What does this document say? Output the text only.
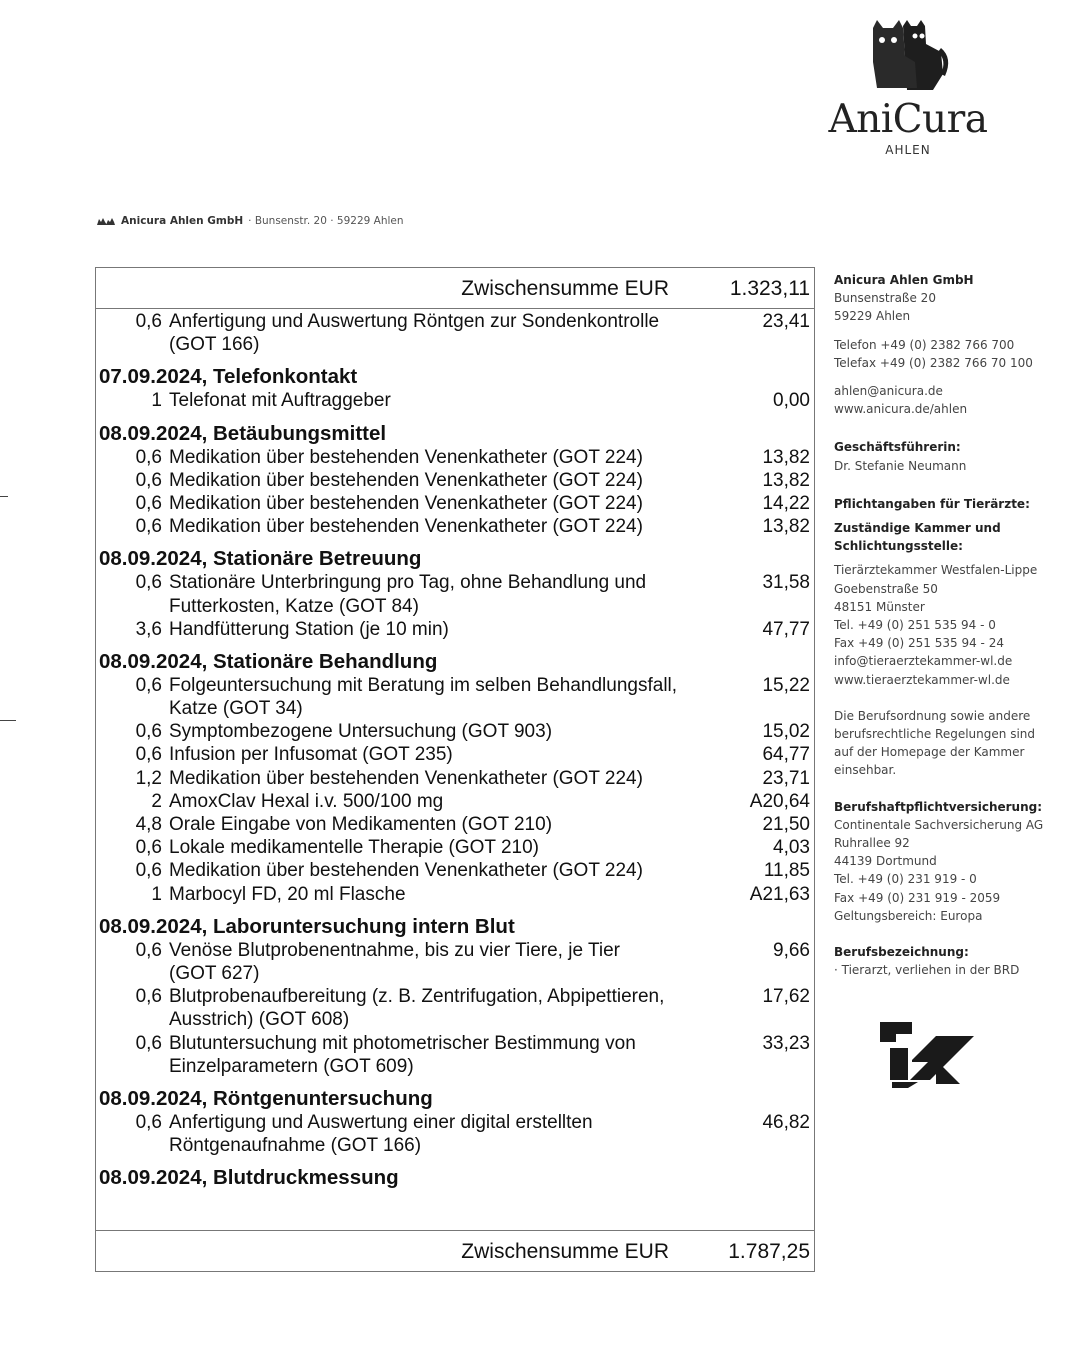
AniCura
AHLEN
Anicura Ahlen GmbH · Bunsenstr. 20 · 59229 Ahlen
Zwischensumme EUR	1.323,11
0,6 Anfertigung und Auswertung Röntgen zur Sondenkontrolle	23,41
(GOT 166)
07.09.2024, Telefonkontakt
1 Telefonat mit Auftraggeber	0,00
08.09.2024, Betäubungsmittel
0,6 Medikation über bestehenden Venenkatheter (GOT 224)	13,82
0,6 Medikation über bestehenden Venenkatheter (GOT 224)	13,82
0,6 Medikation über bestehenden Venenkatheter (GOT 224)	14,22
0,6 Medikation über bestehenden Venenkatheter (GOT 224)	13,82
08.09.2024, Stationäre Betreuung
0,6 Stationäre Unterbringung pro Tag, ohne Behandlung und	31,58
Futterkosten, Katze (GOT 84)
3,6 Handfütterung Station (je 10 min)	47,77
08.09.2024, Stationäre Behandlung
0,6 Folgeuntersuchung mit Beratung im selben Behandlungsfall,	15,22
Katze (GOT 34)
0,6 Symptombezogene Untersuchung (GOT 903)	15,02
0,6 Infusion per Infusomat (GOT 235)	64,77
1,2 Medikation über bestehenden Venenkatheter (GOT 224)	23,71
2 AmoxClav Hexal i.v. 500/100 mg	A20,64
4,8 Orale Eingabe von Medikamenten (GOT 210)	21,50
0,6 Lokale medikamentelle Therapie (GOT 210)	4,03
0,6 Medikation über bestehenden Venenkatheter (GOT 224)	11,85
1 Marbocyl FD, 20 ml Flasche	A21,63
08.09.2024, Laboruntersuchung intern Blut
0,6 Venöse Blutprobenentnahme, bis zu vier Tiere, je Tier	9,66
(GOT 627)
0,6 Blutprobenaufbereitung (z. B. Zentrifugation, Abpipettieren,	17,62
Ausstrich) (GOT 608)
0,6 Blutuntersuchung mit photometrischer Bestimmung von	33,23
Einzelparametern (GOT 609)
08.09.2024, Röntgenuntersuchung
0,6 Anfertigung und Auswertung einer digital erstellten	46,82
Röntgenaufnahme (GOT 166)
08.09.2024, Blutdruckmessung
Zwischensumme EUR	1.787,25
Anicura Ahlen GmbH
Bunsenstraße 20
59229 Ahlen
Telefon +49 (0) 2382 766 700
Telefax +49 (0) 2382 766 70 100
ahlen@anicura.de
www.anicura.de/ahlen
Geschäftsführerin:
Dr. Stefanie Neumann
Pflichtangaben für Tierärzte:
Zuständige Kammer und
Schlichtungsstelle:
Tierärztekammer Westfalen-Lippe
Goebenstraße 50
48151 Münster
Tel. +49 (0) 251 535 94 - 0
Fax +49 (0) 251 535 94 - 24
info@tieraerztekammer-wl.de
www.tieraerztekammer-wl.de
Die Berufsordnung sowie andere
berufsrechtliche Regelungen sind
auf der Homepage der Kammer
einsehbar.
Berufshaftpflichtversicherung:
Continentale Sachversicherung AG
Ruhrallee 92
44139 Dortmund
Tel. +49 (0) 231 919 - 0
Fax +49 (0) 231 919 - 2059
Geltungsbereich: Europa
Berufsbezeichnung:
· Tierarzt, verliehen in der BRD
